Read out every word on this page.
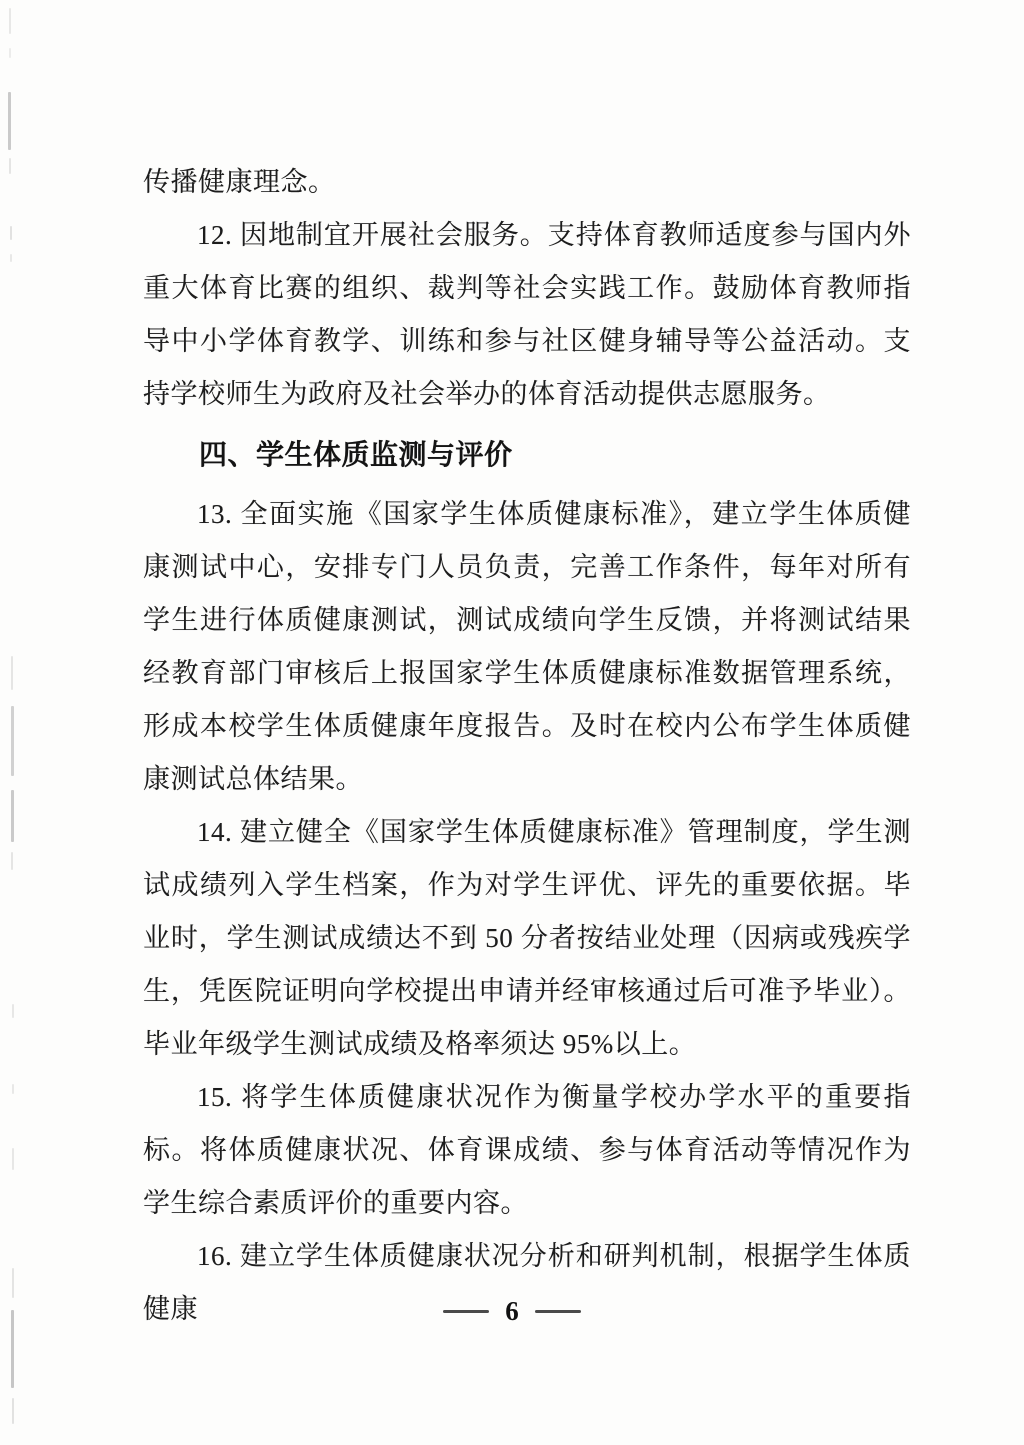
传播健康理念。

12. 因地制宜开展社会服务。支持体育教师适度参与国内外重大体育比赛的组织、裁判等社会实践工作。鼓励体育教师指导中小学体育教学、训练和参与社区健身辅导等公益活动。支持学校师生为政府及社会举办的体育活动提供志愿服务。

四、学生体质监测与评价

13. 全面实施《国家学生体质健康标准》，建立学生体质健康测试中心，安排专门人员负责，完善工作条件，每年对所有学生进行体质健康测试，测试成绩向学生反馈，并将测试结果经教育部门审核后上报国家学生体质健康标准数据管理系统，形成本校学生体质健康年度报告。及时在校内公布学生体质健康测试总体结果。

14. 建立健全《国家学生体质健康标准》管理制度，学生测试成绩列入学生档案，作为对学生评优、评先的重要依据。毕业时，学生测试成绩达不到 50 分者按结业处理（因病或残疾学生，凭医院证明向学校提出申请并经审核通过后可准予毕业）。毕业年级学生测试成绩及格率须达 95%以上。

15. 将学生体质健康状况作为衡量学校办学水平的重要指标。将体质健康状况、体育课成绩、参与体育活动等情况作为学生综合素质评价的重要内容。

16. 建立学生体质健康状况分析和研判机制，根据学生体质健康	6
